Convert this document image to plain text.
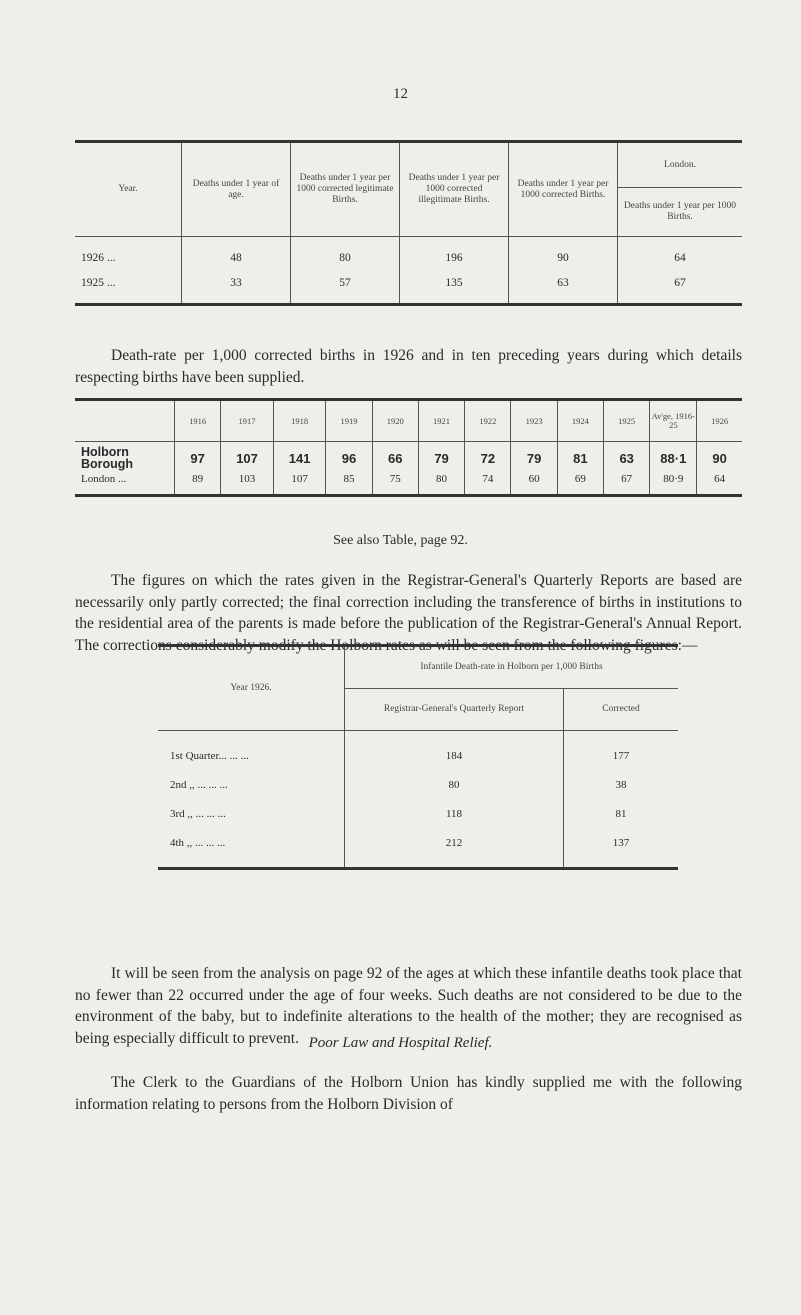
12
Year.	Deaths under 1 year of age.	Deaths under 1 year per 1000 corrected legitimate Births.	Deaths under 1 year per 1000 corrected illegitimate Births.	Deaths under 1 year per 1000 corrected Births.	London.
					Deaths under 1 year per 1000 Births.
1926 ...	48	80	196	90	64
1925 ...	33	57	135	63	67

Death-rate per 1,000 corrected births in 1926 and in ten preceding years during which details respecting births have been supplied.

	1916	1917	1918	1919	1920	1921	1922	1923	1924	1925	Av'ge, 1916-25	1926
Holborn Borough	97	107	141	96	66	79	72	79	81	63	88·1	90
London ...	89	103	107	85	75	80	74	60	69	67	80·9	64
See also Table, page 92.

The figures on which the rates given in the Registrar-General's Quarterly Reports are based are necessarily only partly corrected; the final correction including the transference of births in institutions to the residential area of the parents is made before the publication of the Registrar-General's Annual Report. The corrections considerably modify the Holborn rates as will be seen from the following figures:—

Year 1926.	Infantile Death-rate in Holborn per 1,000 Births	
	Registrar-General's Quarterly Report	Corrected
1st Quarter... ... ...	184	177
2nd ,, ... ... ...	80	38
3rd ,, ... ... ...	118	81
4th ,, ... ... ...	212	137

It will be seen from the analysis on page 92 of the ages at which these infantile deaths took place that no fewer than 22 occurred under the age of four weeks. Such deaths are not considered to be due to the environment of the baby, but to indefinite alterations to the health of the mother; they are recognised as being especially difficult to prevent. Poor Law and Hospital Relief.

The Clerk to the Guardians of the Holborn Union has kindly supplied me with the following information relating to persons from the Holborn Division of
